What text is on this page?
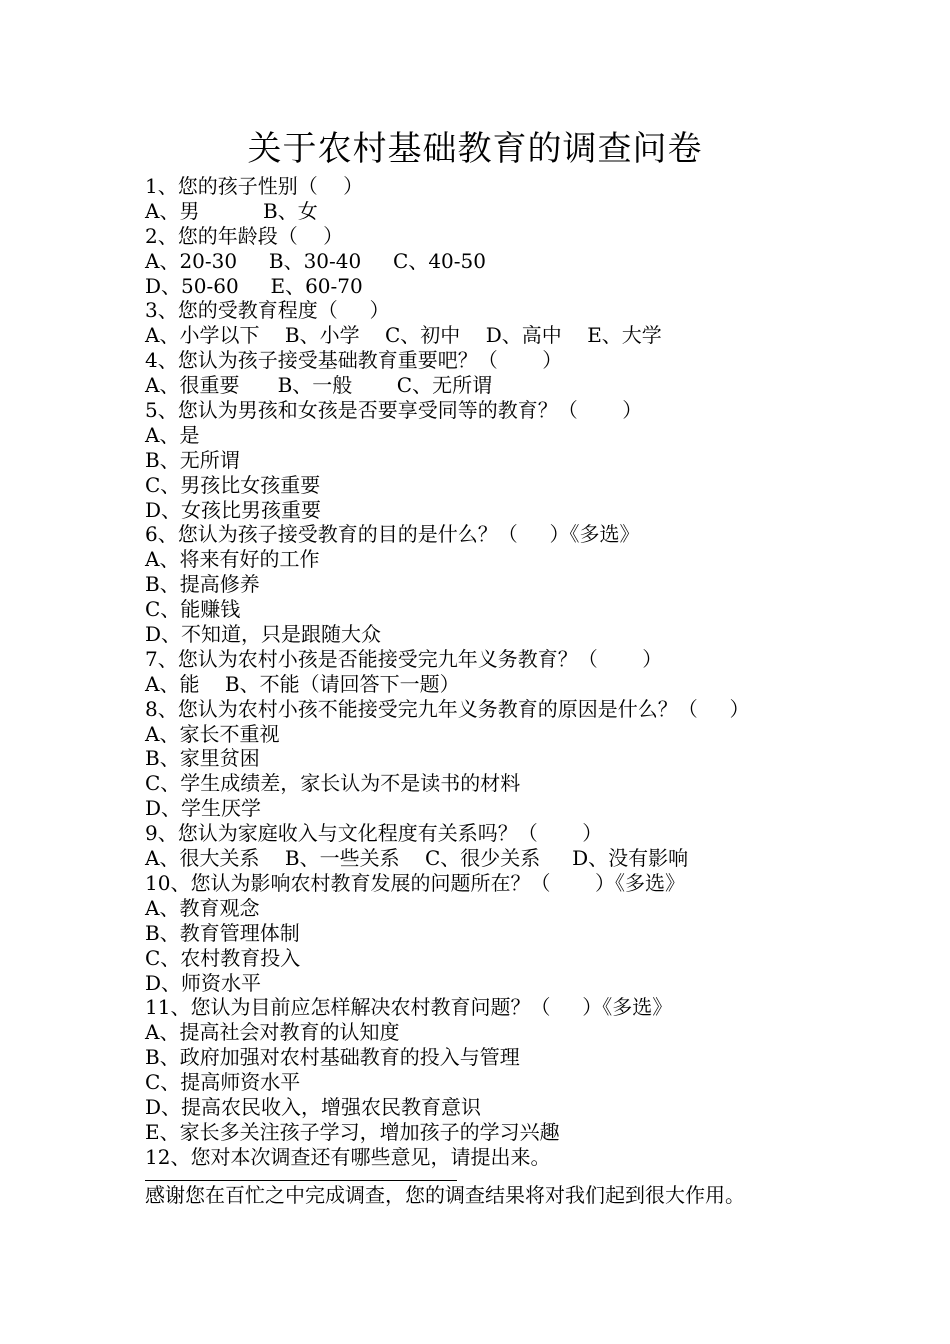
关于农村基础教育的调查问卷
1、您的孩子性别（    ）
A、男          B、女
2、您的年龄段（    ）
A、20-30     B、30-40     C、40-50
D、50-60     E、60-70
3、您的受教育程度（     ）
A、小学以下    B、小学    C、初中    D、高中    E、大学
4、您认为孩子接受基础教育重要吧？（       ）
A、很重要      B、一般       C、无所谓
5、您认为男孩和女孩是否要享受同等的教育？（       ）
A、是
B、无所谓
C、男孩比女孩重要
D、女孩比男孩重要
6、您认为孩子接受教育的目的是什么？（     ）《多选》
A、将来有好的工作
B、提高修养
C、能赚钱
D、不知道，只是跟随大众
7、您认为农村小孩是否能接受完九年义务教育？（       ）
A、能    B、不能（请回答下一题）
8、您认为农村小孩不能接受完九年义务教育的原因是什么？（     ）
A、家长不重视
B、家里贫困
C、学生成绩差，家长认为不是读书的材料
D、学生厌学
9、您认为家庭收入与文化程度有关系吗？（       ）
A、很大关系    B、一些关系    C、很少关系     D、没有影响
10、您认为影响农村教育发展的问题所在？（       ）《多选》
A、教育观念
B、教育管理体制
C、农村教育投入
D、师资水平
11、您认为目前应怎样解决农村教育问题？（     ）《多选》
A、提高社会对教育的认知度
B、政府加强对农村基础教育的投入与管理
C、提高师资水平
D、提高农民收入，增强农民教育意识
E、家长多关注孩子学习，增加孩子的学习兴趣
12、您对本次调查还有哪些意见，请提出来。
感谢您在百忙之中完成调查，您的调查结果将对我们起到很大作用。
